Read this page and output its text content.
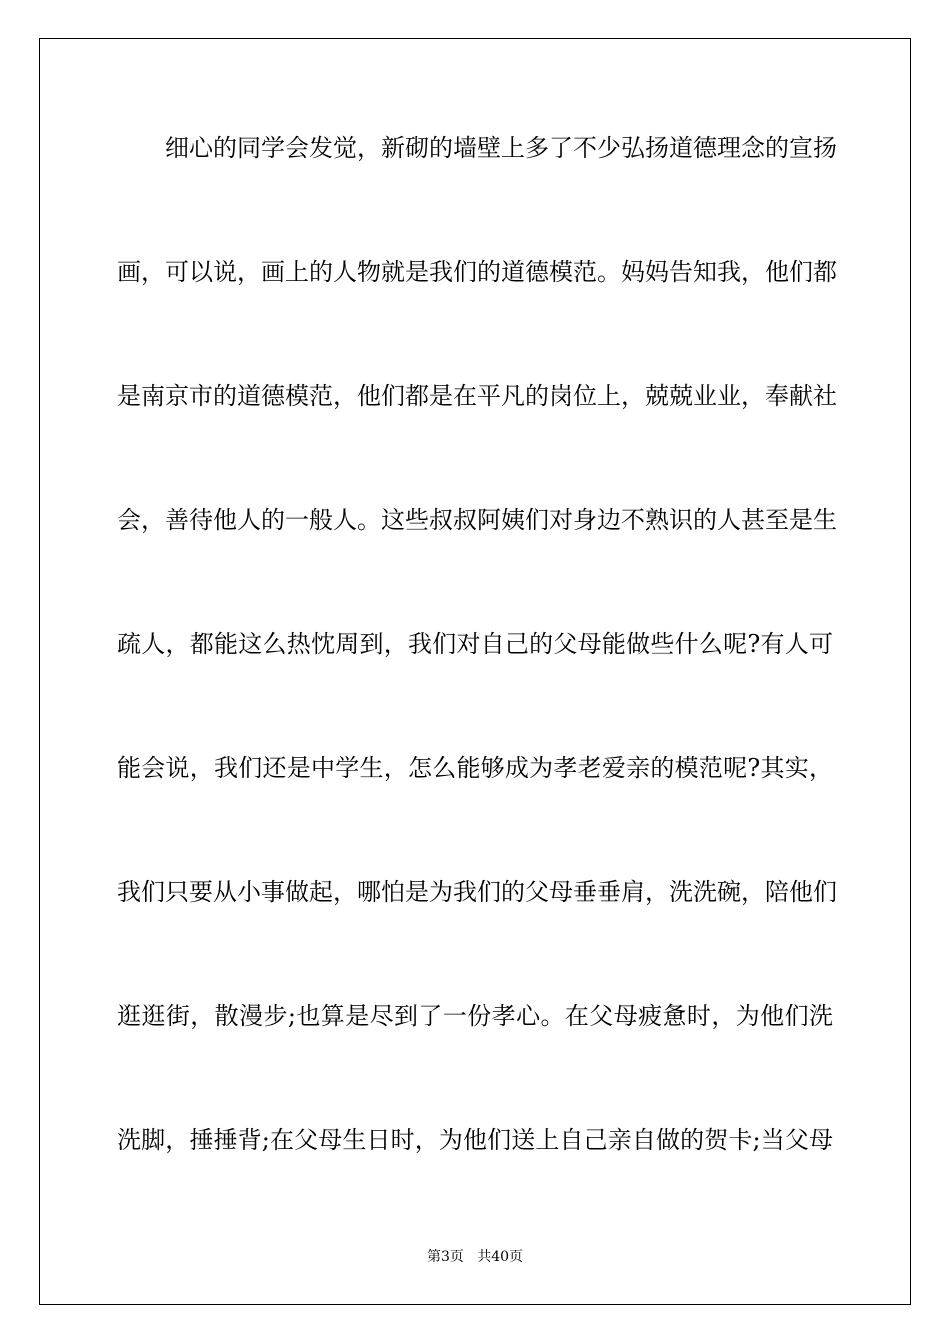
细心的同学会发觉，新砌的墙壁上多了不少弘扬道德理念的宣扬
画，可以说，画上的人物就是我们的道德模范。妈妈告知我，他们都
是南京市的道德模范，他们都是在平凡的岗位上，兢兢业业，奉献社
会，善待他人的一般人。这些叔叔阿姨们对身边不熟识的人甚至是生
疏人，都能这么热忱周到，我们对自己的父母能做些什么呢?有人可
能会说，我们还是中学生，怎么能够成为孝老爱亲的模范呢?其实，
我们只要从小事做起，哪怕是为我们的父母垂垂肩，洗洗碗，陪他们
逛逛街，散漫步;也算是尽到了一份孝心。在父母疲惫时，为他们洗
洗脚，捶捶背;在父母生日时，为他们送上自己亲自做的贺卡;当父母
第3页   共40页
